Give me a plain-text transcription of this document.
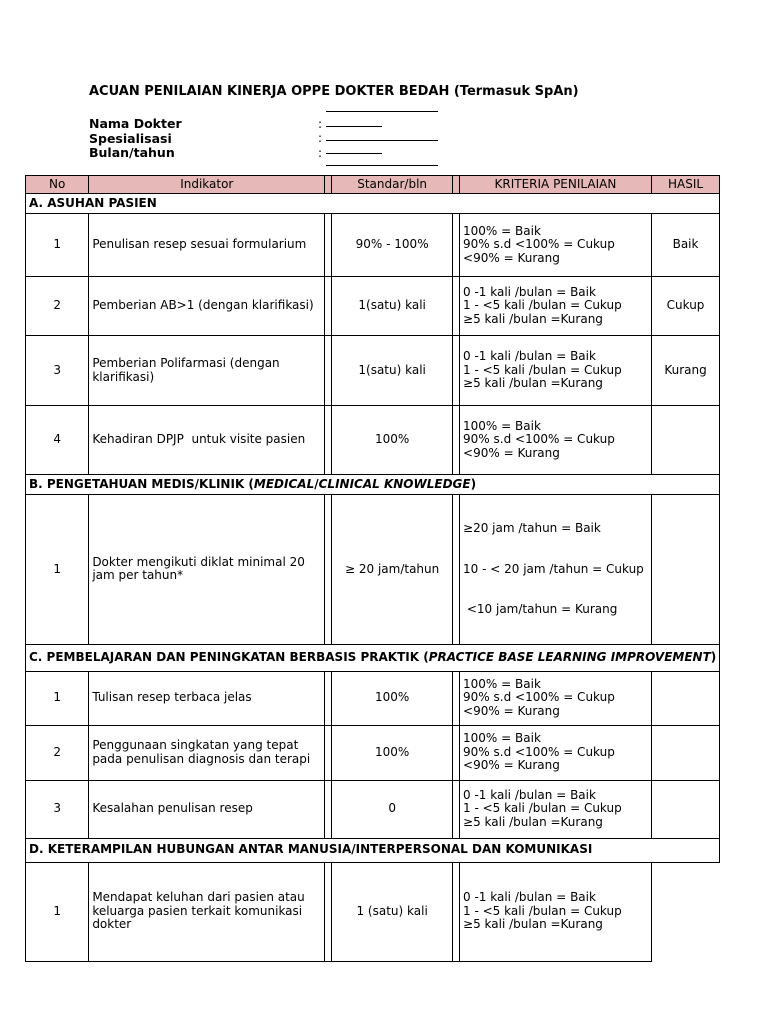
ACUAN PENILAIAN KINERJA OPPE DOKTER BEDAH (Termasuk SpAn)
Nama Dokter	:
Spesialisasi	:
Bulan/tahun	:
No	Indikator		Standar/bln		KRITERIA PENILAIAN	HASIL
A. ASUHAN PASIEN						
1	Penulisan resep sesuai formularium		90% - 100%		100% = Baik
90% s.d <100% = Cukup
<90% = Kurang	Baik
2	Pemberian AB>1 (dengan klarifikasi)		1(satu) kali		0 -1 kali /bulan = Baik
1 - <5 kali /bulan = Cukup
≥5 kali /bulan =Kurang	Cukup
3	Pemberian Polifarmasi (dengan klarifikasi)		1(satu) kali		0 -1 kali /bulan = Baik
1 - <5 kali /bulan = Cukup
≥5 kali /bulan =Kurang	Kurang
4	Kehadiran DPJP  untuk visite pasien		100%		100% = Baik
90% s.d <100% = Cukup
<90% = Kurang	

B. PENGETAHUAN MEDIS/KLINIK (MEDICAL/CLINICAL KNOWLEDGE)						
1	Dokter mengikuti diklat minimal 20 jam per tahun*		≥ 20 jam/tahun		≥20 jam /tahun = Baik

10 - < 20 jam /tahun = Cukup

<10 jam/tahun = Kurang	

C. PEMBELAJARAN DAN PENINGKATAN BERBASIS PRAKTIK (PRACTICE BASE LEARNING IMPROVEMENT)						
1	Tulisan resep terbaca jelas		100%		100% = Baik
90% s.d <100% = Cukup
<90% = Kurang	

2	Penggunaan singkatan yang tepat pada penulisan diagnosis dan terapi		100%		100% = Baik
90% s.d <100% = Cukup
<90% = Kurang	

3	Kesalahan penulisan resep		0		0 -1 kali /bulan = Baik
1 - <5 kali /bulan = Cukup
≥5 kali /bulan =Kurang	

D. KETERAMPILAN HUBUNGAN ANTAR MANUSIA/INTERPERSONAL DAN KOMUNIKASI						
1	Mendapat keluhan dari pasien atau keluarga pasien terkait komunikasi dokter		1 (satu) kali		0 -1 kali /bulan = Baik
1 - <5 kali /bulan = Cukup
≥5 kali /bulan =Kurang	
